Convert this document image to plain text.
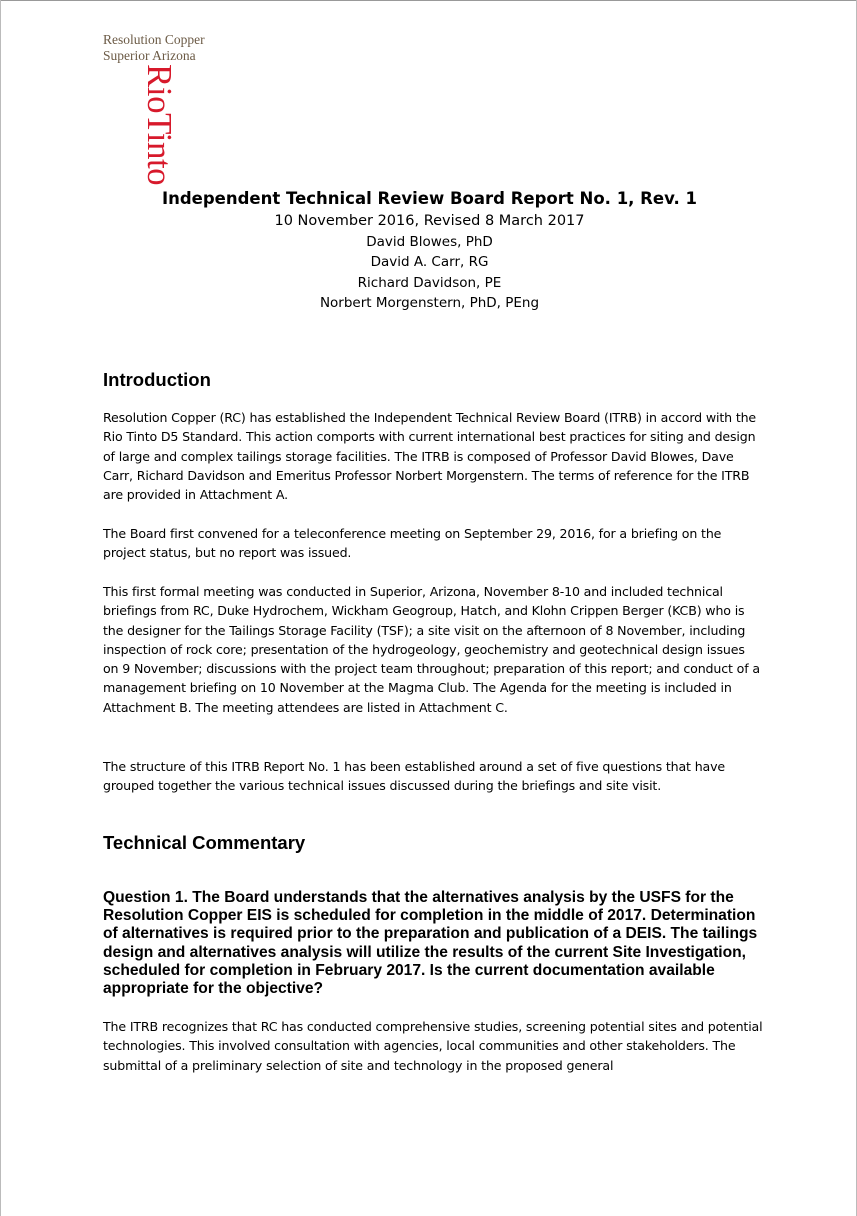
Resolution Copper
Superior Arizona
RioTinto
Independent Technical Review Board Report No. 1, Rev. 1
10 November 2016, Revised 8 March 2017
David Blowes, PhD
David A. Carr, RG
Richard Davidson, PE
Norbert Morgenstern, PhD, PEng
Introduction
Resolution Copper (RC) has established the Independent Technical Review Board (ITRB) in accord with the Rio Tinto D5 Standard. This action comports with current international best practices for siting and design of large and complex tailings storage facilities. The ITRB is composed of Professor David Blowes, Dave Carr, Richard Davidson and Emeritus Professor Norbert Morgenstern. The terms of reference for the ITRB are provided in Attachment A.
The Board first convened for a teleconference meeting on September 29, 2016, for a briefing on the project status, but no report was issued.
This first formal meeting was conducted in Superior, Arizona, November 8-10 and included technical briefings from RC, Duke Hydrochem, Wickham Geogroup, Hatch, and Klohn Crippen Berger (KCB) who is the designer for the Tailings Storage Facility (TSF); a site visit on the afternoon of 8 November, including inspection of rock core; presentation of the hydrogeology, geochemistry and geotechnical design issues on 9 November; discussions with the project team throughout; preparation of this report; and conduct of a management briefing on 10 November at the Magma Club. The Agenda for the meeting is included in Attachment B. The meeting attendees are listed in Attachment C.
The structure of this ITRB Report No. 1 has been established around a set of five questions that have grouped together the various technical issues discussed during the briefings and site visit.
Technical Commentary
Question 1. The Board understands that the alternatives analysis by the USFS for the Resolution Copper EIS is scheduled for completion in the middle of 2017. Determination of alternatives is required prior to the preparation and publication of a DEIS. The tailings design and alternatives analysis will utilize the results of the current Site Investigation, scheduled for completion in February 2017. Is the current documentation available appropriate for the objective?
The ITRB recognizes that RC has conducted comprehensive studies, screening potential sites and potential technologies. This involved consultation with agencies, local communities and other stakeholders. The submittal of a preliminary selection of site and technology in the proposed general
